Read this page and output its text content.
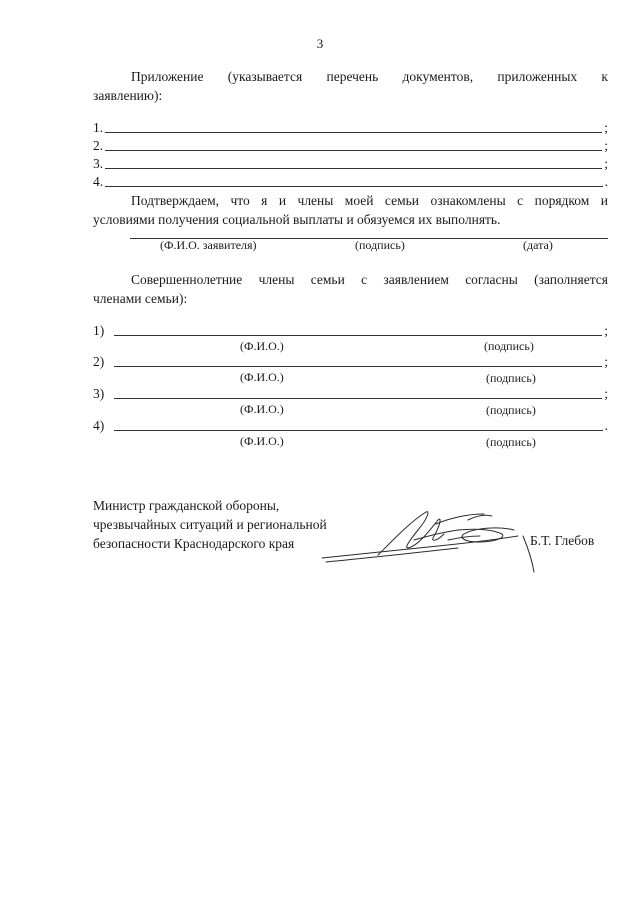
3
Приложение (указывается перечень документов, приложенных к
заявлению):
1.	;
2.	;
3.	;
4.	.
Подтверждаем, что я и члены моей семьи ознакомлены с порядком и
условиями получения социальной выплаты и обязуемся их выполнять.
(Ф.И.О. заявителя)	(подпись)	(дата)
Совершеннолетние члены семьи с заявлением согласны (заполняется
членами семьи):
1)	;
(Ф.И.О.)	(подпись)
2)	;
(Ф.И.О.)	(подпись)
3)	;
(Ф.И.О.)	(подпись)
4)	.
(Ф.И.О.)	(подпись)
Министр гражданской обороны,
чрезвычайных ситуаций и региональной
безопасности Краснодарского края	Б.Т. Глебов
